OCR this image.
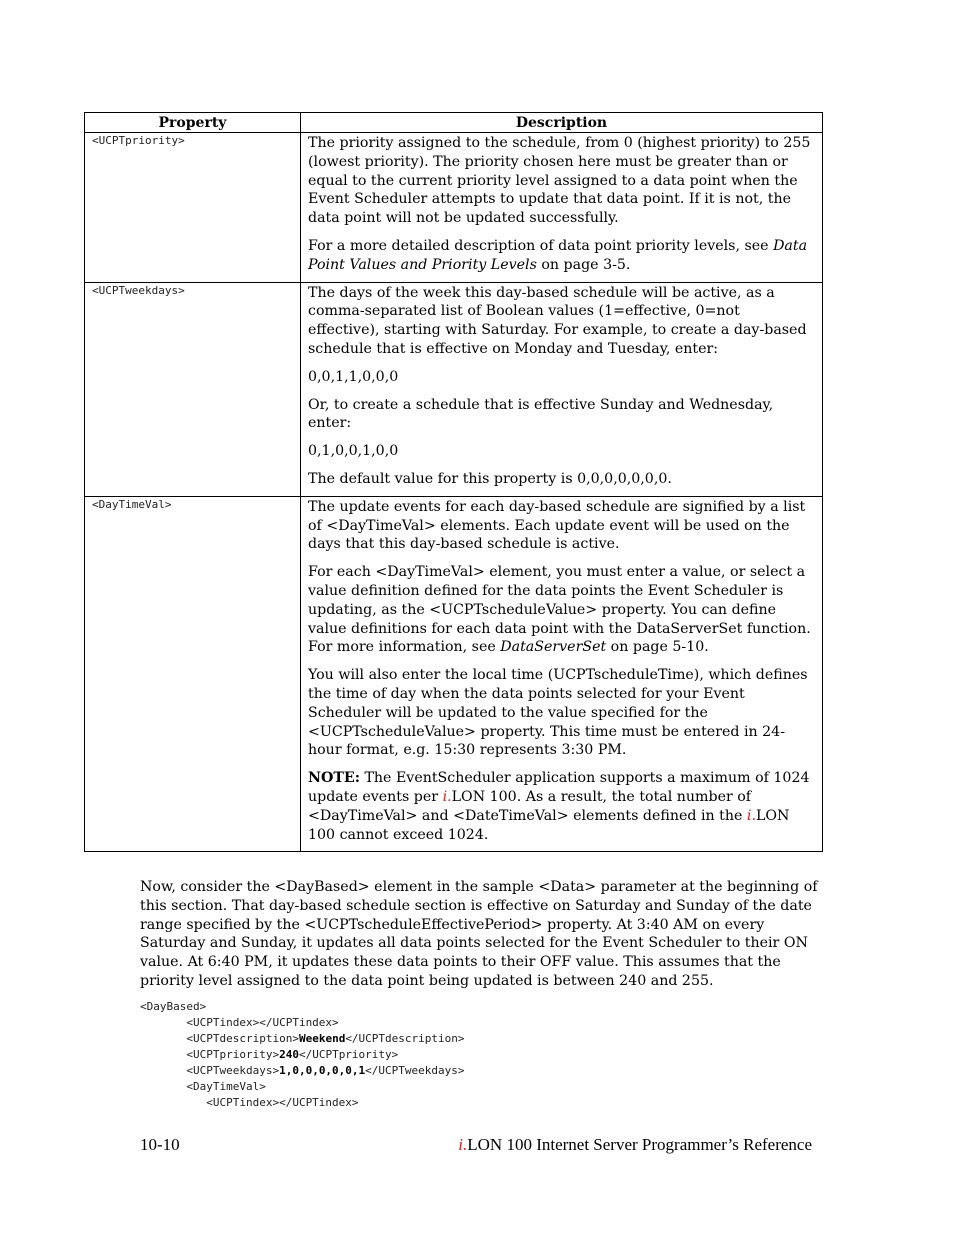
Property	Description
<UCPTpriority>	The priority assigned to the schedule, from 0 (highest priority) to 255 (lowest priority). The priority chosen here must be greater than or equal to the current priority level assigned to a data point when the Event Scheduler attempts to update that data point. If it is not, the data point will not be updated successfully.

For a more detailed description of data point priority levels, see Data Point Values and Priority Levels on page 3-5.

<UCPTweekdays>	The days of the week this day-based schedule will be active, as a comma-separated list of Boolean values (1=effective, 0=not effective), starting with Saturday. For example, to create a day-based schedule that is effective on Monday and Tuesday, enter:

0,0,1,1,0,0,0

Or, to create a schedule that is effective Sunday and Wednesday, enter:

0,1,0,0,1,0,0

The default value for this property is 0,0,0,0,0,0,0.

<DayTimeVal>	The update events for each day-based schedule are signified by a list of <DayTimeVal> elements. Each update event will be used on the days that this day-based schedule is active.

For each <DayTimeVal> element, you must enter a value, or select a value definition defined for the data points the Event Scheduler is updating, as the <UCPTscheduleValue> property. You can define value definitions for each data point with the DataServerSet function. For more information, see DataServerSet on page 5-10.

You will also enter the local time (UCPTscheduleTime), which defines the time of day when the data points selected for your Event Scheduler will be updated to the value specified for the <UCPTscheduleValue> property. This time must be entered in 24-hour format, e.g. 15:30 represents 3:30 PM.

NOTE: The EventScheduler application supports a maximum of 1024 update events per i.LON 100. As a result, the total number of <DayTimeVal> and <DateTimeVal> elements defined in the i.LON 100 cannot exceed 1024.

Now, consider the <DayBased> element in the sample <Data> parameter at the beginning of this section. That day-based schedule section is effective on Saturday and Sunday of the date range specified by the <UCPTscheduleEffectivePeriod> property. At 3:40 AM on every Saturday and Sunday, it updates all data points selected for the Event Scheduler to their ON value. At 6:40 PM, it updates these data points to their OFF value. This assumes that the priority level assigned to the data point being updated is between 240 and 255.

<DayBased>
<UCPTindex></UCPTindex>
<UCPTdescription>Weekend</UCPTdescription>
<UCPTpriority>240</UCPTpriority>
<UCPTweekdays>1,0,0,0,0,0,1</UCPTweekdays>
<DayTimeVal>
<UCPTindex></UCPTindex>
10-10	i.LON 100 Internet Server Programmer’s Reference
